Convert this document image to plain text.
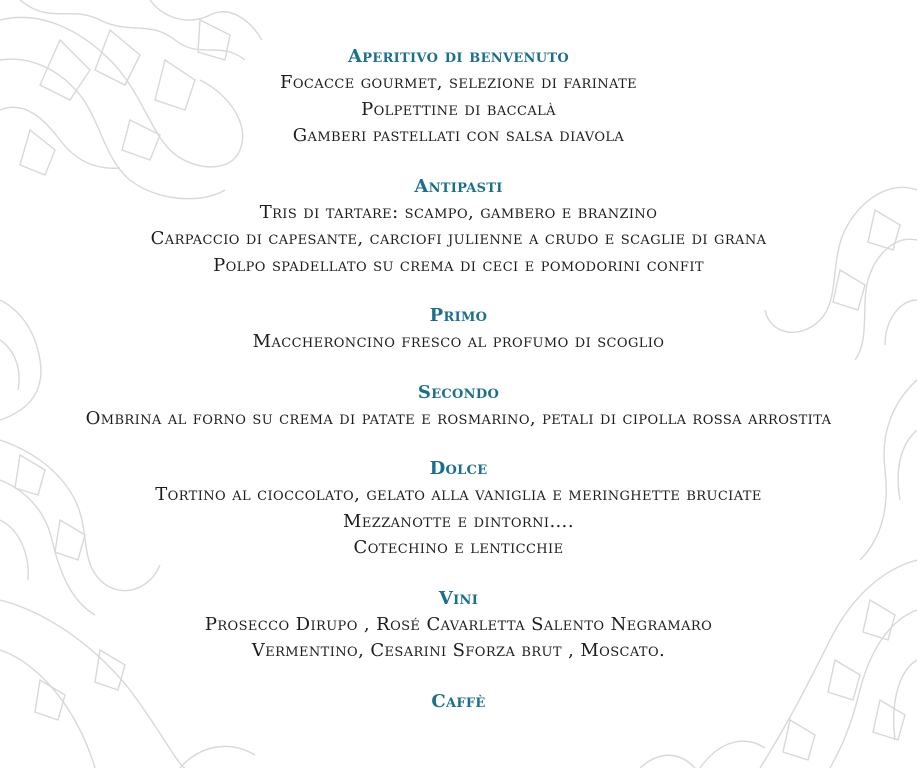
Aperitivo di benvenuto
Focacce gourmet, selezione di farinate
Polpettine di baccalà
Gamberi pastellati con salsa diavola
Antipasti
Tris di tartare: scampo, gambero e branzino
Carpaccio di capesante, carciofi julienne a crudo e scaglie di grana
Polpo spadellato su crema di ceci e pomodorini confit
Primo
Maccheroncino fresco al profumo di scoglio
Secondo
Ombrina al forno su crema di patate e rosmarino, petali di cipolla rossa arrostita
Dolce
Tortino al cioccolato, gelato alla vaniglia e meringhette bruciate
Mezzanotte e dintorni….
Cotechino e lenticchie
Vini
Prosecco Dirupo , Rosé Cavarletta Salento Negramaro
Vermentino, Cesarini Sforza brut , Moscato.
Caffè
